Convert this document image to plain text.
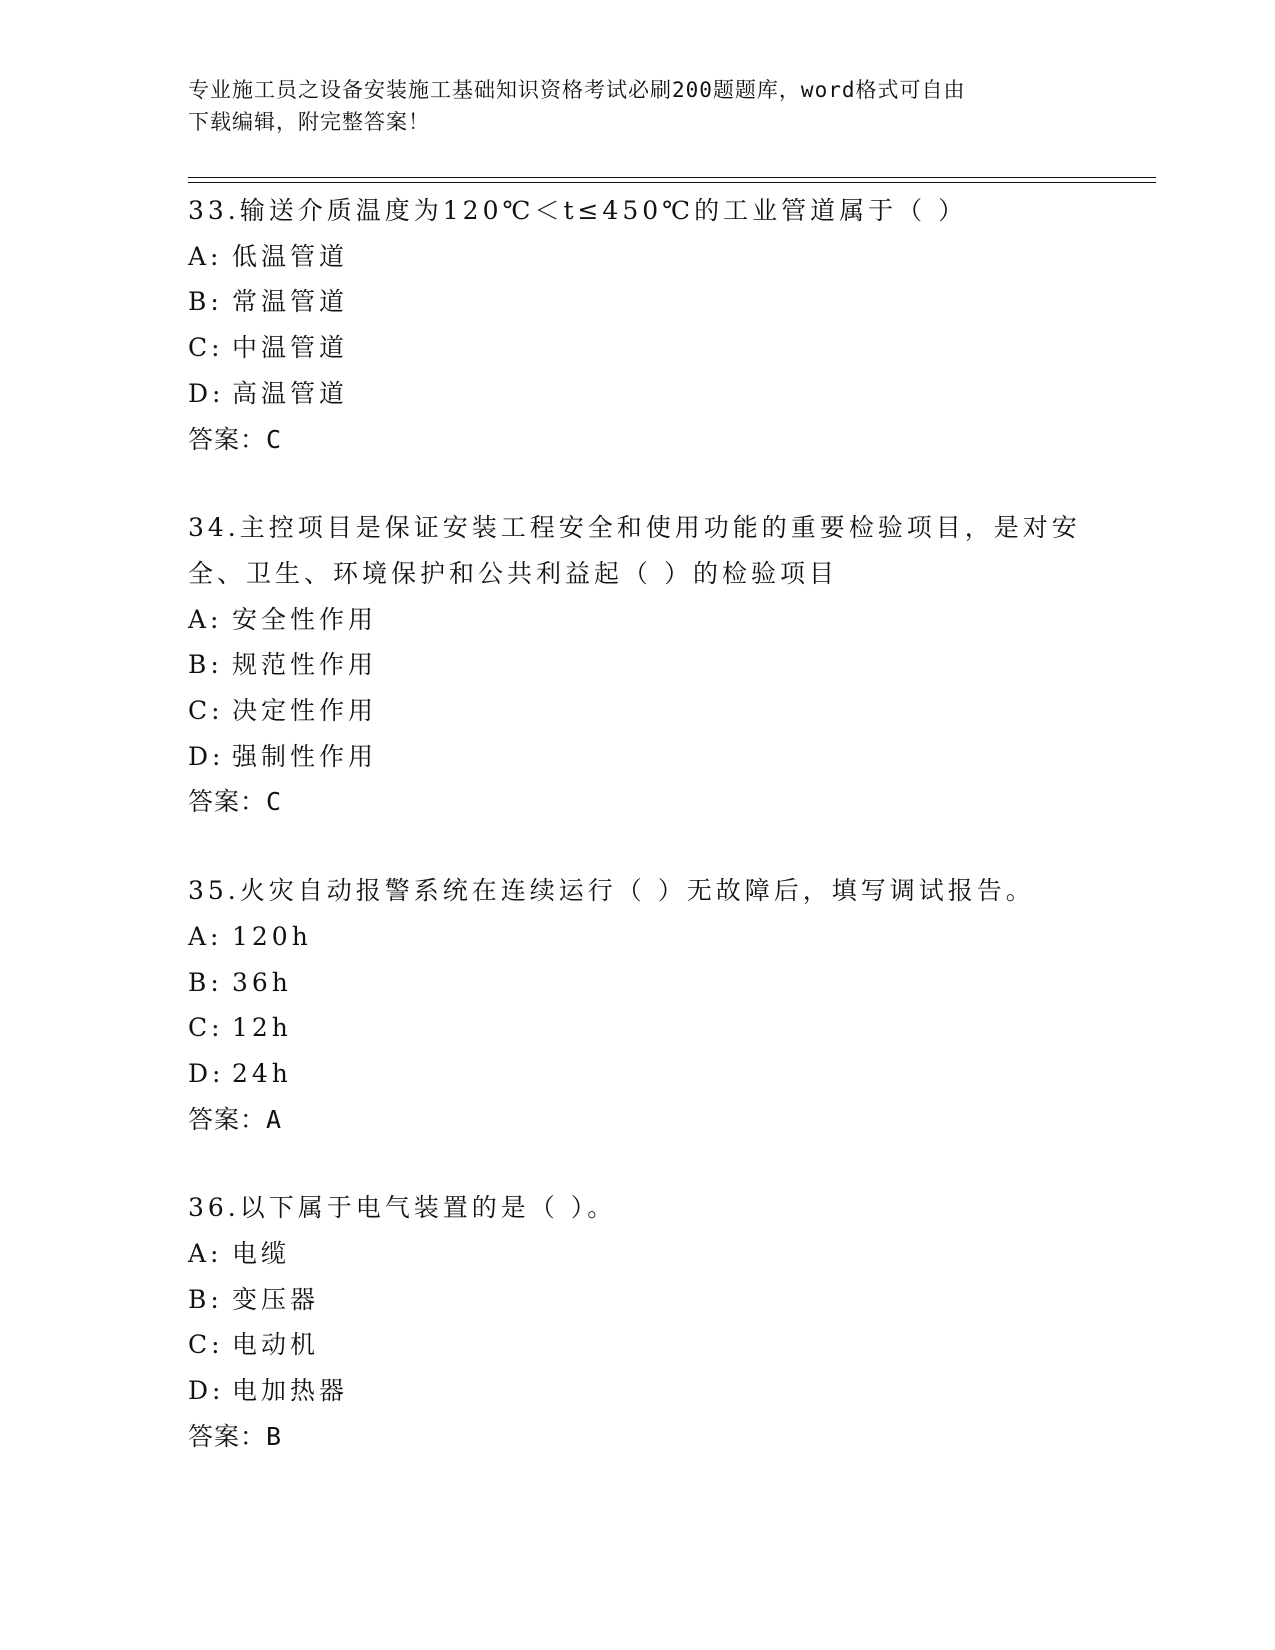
专业施工员之设备安装施工基础知识资格考试必刷200题题库，word格式可自由
下载编辑，附完整答案！
33.输送介质温度为120℃＜t≤450℃的工业管道属于（ ）
A: 低温管道
B: 常温管道
C: 中温管道
D: 高温管道
答案：C
34.主控项目是保证安装工程安全和使用功能的重要检验项目，是对安
全、卫生、环境保护和公共利益起（ ）的检验项目
A: 安全性作用
B: 规范性作用
C: 决定性作用
D: 强制性作用
答案：C
35.火灾自动报警系统在连续运行（ ）无故障后，填写调试报告。
A: 120h
B: 36h
C: 12h
D: 24h
答案：A
36.以下属于电气装置的是（ ）。
A: 电缆
B: 变压器
C: 电动机
D: 电加热器
答案：B
